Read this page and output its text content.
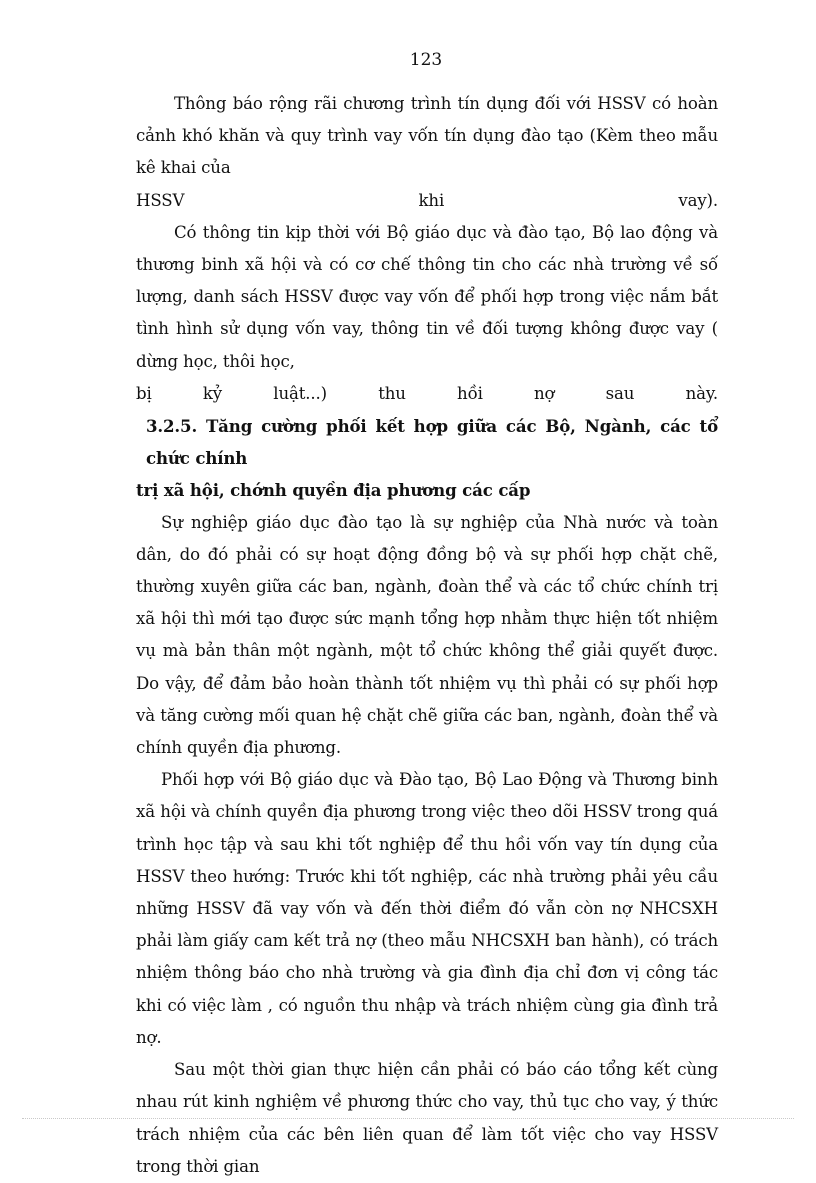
123

Thông báo rộng rãi chương trình tín dụng đối với HSSV có hoàn cảnh khó khăn và quy trình vay vốn tín dụng đào tạo (Kèm theo mẫu kê khai của

HSSV khi vay).

Có thông tin kịp thời với Bộ giáo dục và đào tạo, Bộ lao động và thương binh xã hội và có cơ chế thông tin cho các nhà trường về số lượng, danh sách HSSV được vay vốn để phối hợp trong việc nắm bắt tình hình sử dụng vốn vay, thông tin về đối tượng không được vay ( dừng học, thôi học,

bị kỷ luật...) thu hồi nợ sau này.

3.2.5. Tăng cường phối kết hợp giữa các Bộ, Ngành, các tổ chức chính
trị xã hội, chớnh quyền địa phương các cấp

Sự nghiệp giáo dục đào tạo là sự nghiệp của Nhà nước và toàn dân, do đó phải có sự hoạt động đồng bộ và sự phối hợp chặt chẽ, thường xuyên giữa các ban, ngành, đoàn thể và các tổ chức chính trị xã hội thì mới tạo được sức mạnh tổng hợp nhằm thực hiện tốt nhiệm vụ mà bản thân một ngành, một tổ chức không thể giải quyết được. Do vậy, để đảm bảo hoàn thành tốt nhiệm vụ thì phải có sự phối hợp và tăng cường mối quan hệ chặt chẽ giữa các ban, ngành, đoàn thể và chính quyền địa phương.

Phối hợp với Bộ giáo dục và Đào tạo, Bộ Lao Động và Thương binh xã hội và chính quyền địa phương trong việc theo dõi HSSV trong quá trình học tập và sau khi tốt nghiệp để thu hồi vốn vay tín dụng của HSSV theo hướng: Trước khi tốt nghiệp, các nhà trường phải yêu cầu những HSSV đã vay vốn và đến thời điểm đó vẫn còn nợ NHCSXH phải làm giấy cam kết trả nợ (theo mẫu NHCSXH ban hành), có trách nhiệm thông báo cho nhà trường và gia đình địa chỉ đơn vị công tác khi có việc làm , có nguồn thu nhập và trách nhiệm cùng gia đình trả nợ.

Sau một thời gian thực hiện cần phải có báo cáo tổng kết cùng nhau rút kinh nghiệm về phương thức cho vay, thủ tục cho vay, ý thức trách nhiệm của các bên liên quan để làm tốt việc cho vay HSSV trong thời gian
